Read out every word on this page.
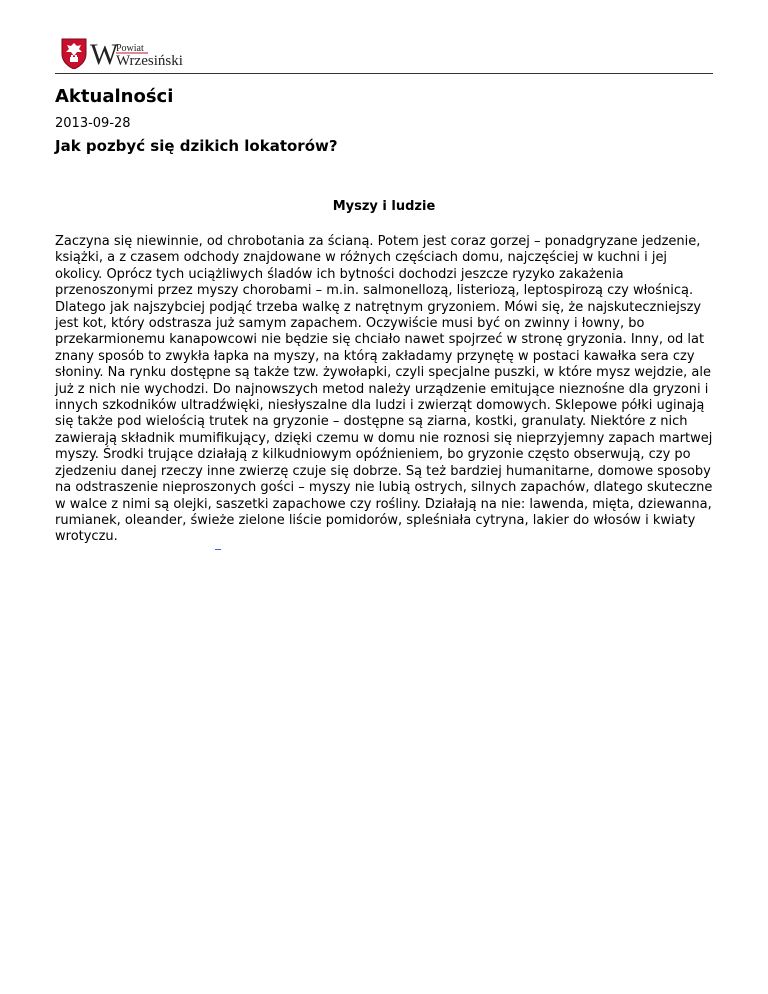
W
Powiat
Wrzesiński
Aktualności
2013-09-28
Jak pozbyć się dzikich lokatorów?
Myszy i ludzie

Zaczyna się niewinnie, od chrobotania za ścianą. Potem jest coraz gorzej – ponadgryzane jedzenie, książki, a z czasem odchody znajdowane w różnych częściach domu, najczęściej w kuchni i jej okolicy. Oprócz tych uciążliwych śladów ich bytności dochodzi jeszcze ryzyko zakażenia przenoszonymi przez myszy chorobami – m.in. salmonellozą, listeriozą, leptospirozą czy włośnicą. Dlatego jak najszybciej podjąć trzeba walkę z natrętnym gryzoniem. Mówi się, że najskuteczniejszy jest kot, który odstrasza już samym zapachem. Oczywiście musi być on zwinny i łowny, bo przekarmionemu kanapowcowi nie będzie się chciało nawet spojrzeć w stronę gryzonia. Inny, od lat znany sposób to zwykła łapka na myszy, na którą zakładamy przynętę w postaci kawałka sera czy słoniny. Na rynku dostępne są także tzw. żywołapki, czyli specjalne puszki, w które mysz wejdzie, ale już z nich nie wychodzi. Do najnowszych metod należy urządzenie emitujące nieznośne dla gryzoni i innych szkodników ultradźwięki, niesłyszalne dla ludzi i zwierząt domowych. Sklepowe półki uginają się także pod wielością trutek na gryzonie – dostępne są ziarna, kostki, granulaty. Niektóre z nich zawierają składnik mumifikujący, dzięki czemu w domu nie roznosi się nieprzyjemny zapach martwej myszy. Środki trujące działają z kilkudniowym opóźnieniem, bo gryzonie często obserwują, czy po zjedzeniu danej rzeczy inne zwierzę czuje się dobrze. Są też bardziej humanitarne, domowe sposoby na odstraszenie nieproszonych gości – myszy nie lubią ostrych, silnych zapachów, dlatego skuteczne w walce z nimi są olejki, saszetki zapachowe czy rośliny. Działają na nie: lawenda, mięta, dziewanna, rumianek, oleander, świeże zielone liście pomidorów, spleśniała cytryna, lakier do włosów i kwiaty wrotyczu.
